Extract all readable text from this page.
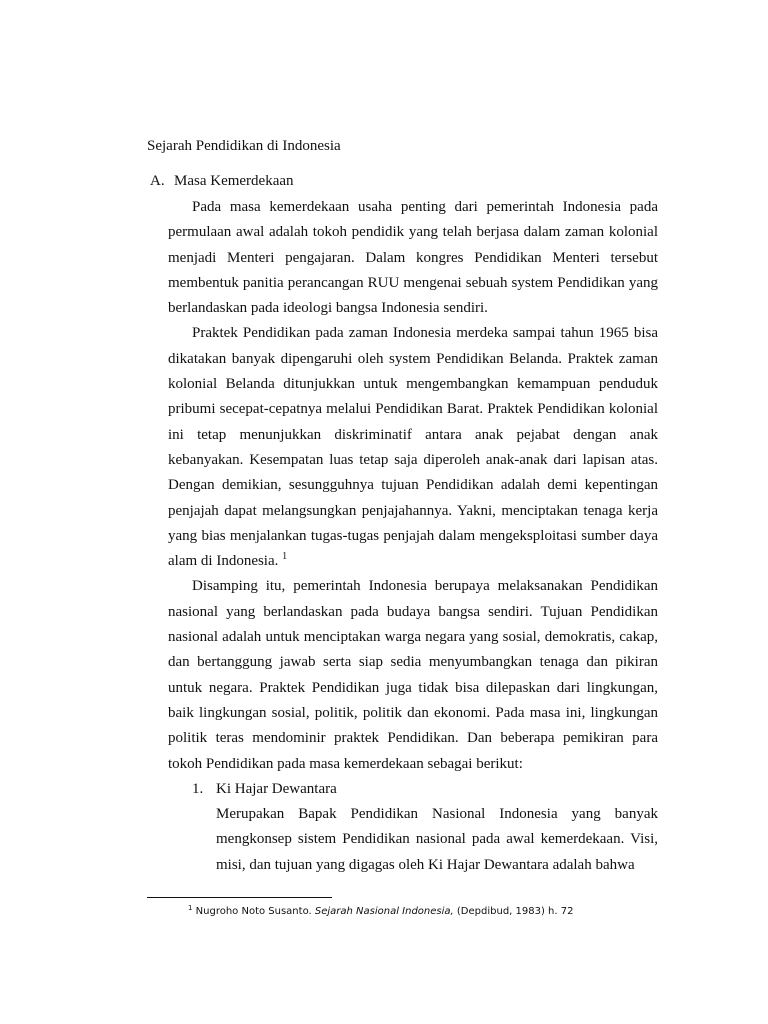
Sejarah Pendidikan di Indonesia
A. Masa Kemerdekaan

Pada masa kemerdekaan usaha penting dari pemerintah Indonesia pada permulaan awal adalah tokoh pendidik yang telah berjasa dalam zaman kolonial menjadi Menteri pengajaran. Dalam kongres Pendidikan Menteri tersebut membentuk panitia perancangan RUU mengenai sebuah system Pendidikan yang berlandaskan pada ideologi bangsa Indonesia sendiri.

Praktek Pendidikan pada zaman Indonesia merdeka sampai tahun 1965 bisa dikatakan banyak dipengaruhi oleh system Pendidikan Belanda. Praktek zaman kolonial Belanda ditunjukkan untuk mengembangkan kemampuan penduduk pribumi secepat-cepatnya melalui Pendidikan Barat. Praktek Pendidikan kolonial ini tetap menunjukkan diskriminatif antara anak pejabat dengan anak kebanyakan. Kesempatan luas tetap saja diperoleh anak-anak dari lapisan atas. Dengan demikian, sesungguhnya tujuan Pendidikan adalah demi kepentingan penjajah dapat melangsungkan penjajahannya. Yakni, menciptakan tenaga kerja yang bias menjalankan tugas-tugas penjajah dalam mengeksploitasi sumber daya alam di Indonesia. $^1$

Disamping itu, pemerintah Indonesia berupaya melaksanakan Pendidikan nasional yang berlandaskan pada budaya bangsa sendiri. Tujuan Pendidikan nasional adalah untuk menciptakan warga negara yang sosial, demokratis, cakap, dan bertanggung jawab serta siap sedia menyumbangkan tenaga dan pikiran untuk negara. Praktek Pendidikan juga tidak bisa dilepaskan dari lingkungan, baik lingkungan sosial, politik, politik dan ekonomi. Pada masa ini, lingkungan politik teras mendominir praktek Pendidikan. Dan beberapa pemikiran para tokoh Pendidikan pada masa kemerdekaan sebagai berikut:

1. Ki Hajar Dewantara

Merupakan Bapak Pendidikan Nasional Indonesia yang banyak mengkonsep sistem Pendidikan nasional pada awal kemerdekaan. Visi, misi, dan tujuan yang digagas oleh Ki Hajar Dewantara adalah bahwa

$^1$ Nugroho Noto Susanto. Sejarah Nasional Indonesia, (Depdibud, 1983) h. 72
